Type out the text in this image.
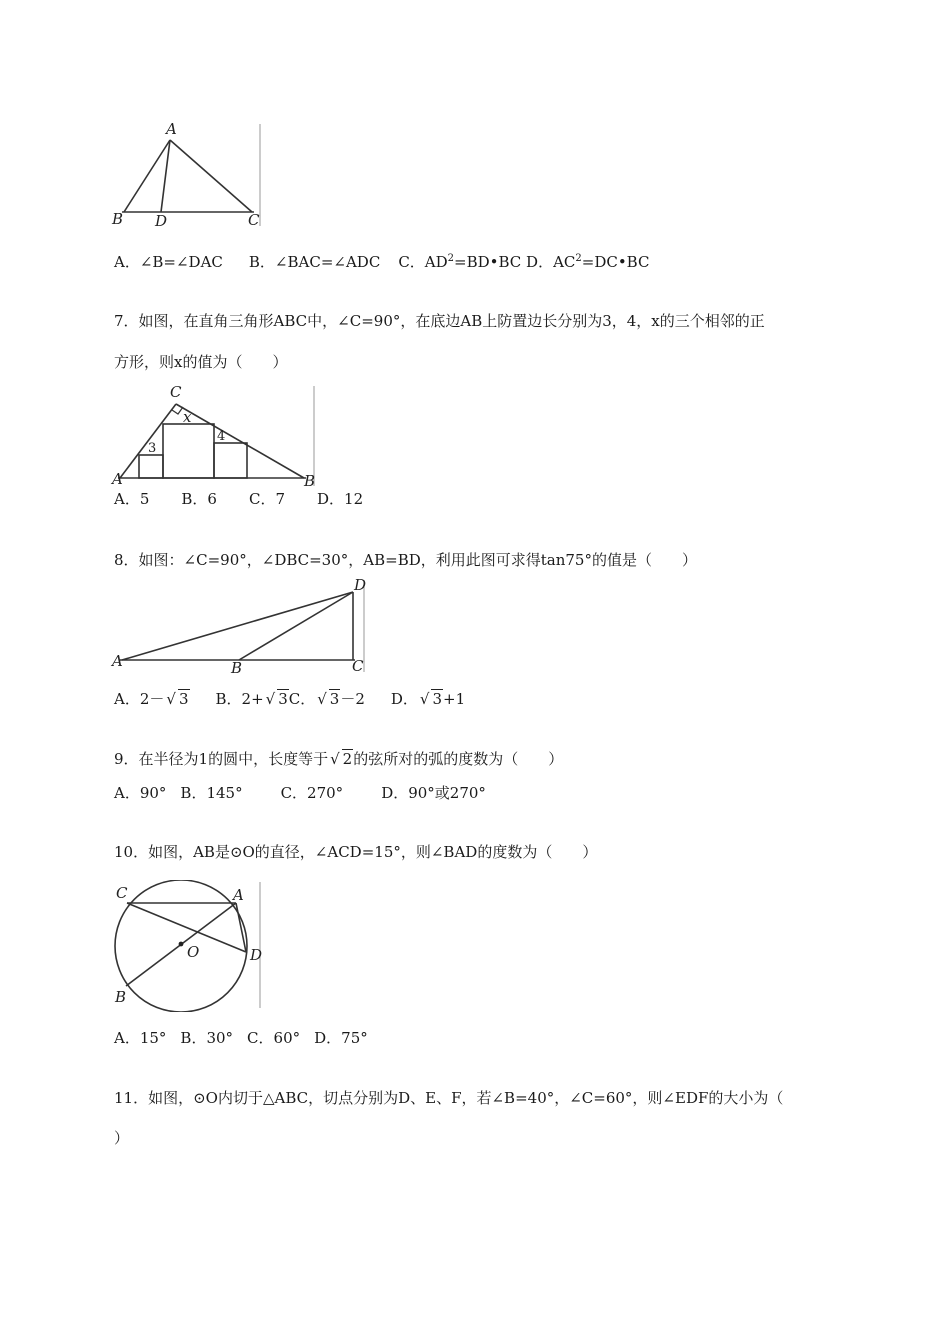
A
B D	C
A．∠B=∠DAC B．∠BAC=∠ADC C．$AD^2=BD•BC$ D．$AC^2=DC•BC$
7．如图，在直角三角形ABC中，∠C=90°，在底边AB上防置边长分别为3，4，x的三个相邻的正
方形，则x的值为（　　）
C
A	B
x
3
4
A．5 B．6 C．7 D．12
8．如图：∠C=90°，∠DBC=30°，AB=BD，利用此图可求得tan75°的值是（　　）
D
A	B	C
A．2－ √ 3 B．2+ √ 3C． √ 3－2 D． √ 3+1
9．在半径为1的圆中，长度等于 √ 2的弦所对的弧的度数为（　　）
A．90° B．145°	C．270°	D．90°或270°
10．如图，AB是⊙O的直径，∠ACD=15°，则∠BAD的度数为（　　）
C	A
D
O
B
A．15° B．30° C．60° D．75°
11．如图，⊙O内切于△ABC，切点分别为D、E、F，若∠B=40°，∠C=60°，则∠EDF的大小为（
）
